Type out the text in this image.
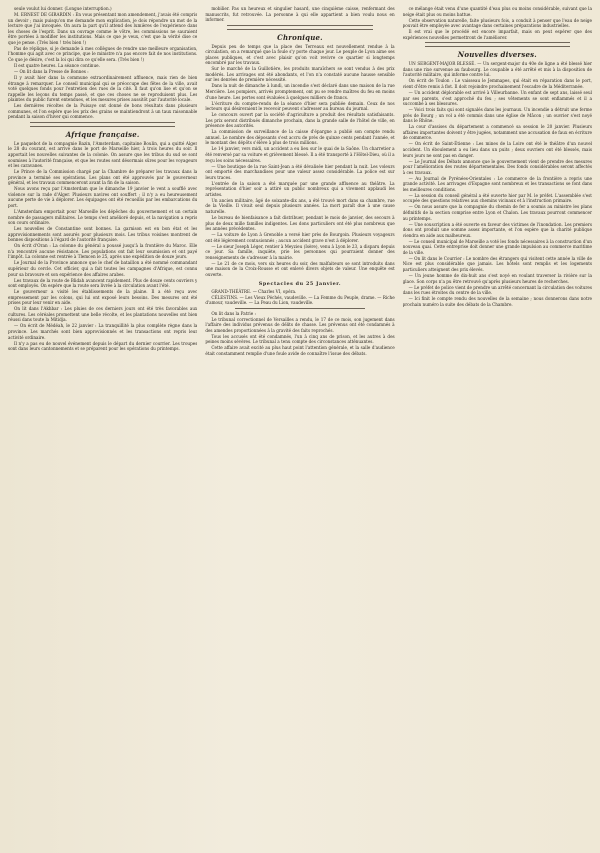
seule voulut lui donner. (Longue interruption.)

M. ERNEST DE GIRARDIN : En vous présentant mon amendement, j'avais été compris un devoir ; mais puisqu'on me demande mon explication, je dois répondre un mot de la lecture que j'ai invoquée. On aura la part qu'il attend des lumières de l'expérience dans les choses de l'esprit. Dans un ouvrage comme le vôtre, les commissions ne sauraient être portées à modifier les institutions. Mais ce que je veux, c'est que la vérité dise ce que je pense. (Très bien ! très bien !)

Pas de réplique, si je demande à mes collègues de rendre une meilleure organisation, l'homme qui agit avec ce principe, que le ministre n'a pas encore fait de nos institutions. Ce que je désire, c'est la loi qui dira ce qu'elle sera. (Très bien !)

Il est quatre heures. La séance continue.

— On lit dans la Presse de Bonnes :

Il y avait hier dans la commune extraordinairement affluence, mais rien de bien étrange à remarquer. Le conseil municipal qui se préoccupe des fêtes de la ville, avait voté quelques fonds pour l'entretien des rues de la cité. Il faut qu'on lise et qu'on se rappelle les leçons du temps passé, et que ces choses ne se reproduisent plus. Les plaintes du public furent entendues, et les mesures prises aussitôt par l'autorité locale.

Les dernières récoltes de la Puisaye ont donné de bons résultats dans plusieurs communes, et l'on espère que les prix des grains se maintiendront à un taux raisonnable pendant la saison d'hiver qui commence.

Afrique française.

Le paquebot de la compagnie Bazin, l'Amsterdam, capitaine Boulin, qui a quitté Alger le 28 du courant, est arrivé dans le port de Marseille hier, à trois heures du soir. Il apportait les nouvelles suivantes de la colonie. On assure que les tribus du sud se sont soumises à l'autorité française, et que les routes sont désormais sûres pour les voyageurs et les caravanes.

Le Prince de la Commission chargé par la Chambre de préparer les travaux dans la province a terminé ses opérations. Les plans ont été approuvés par le gouverneur général, et les travaux commenceront avant la fin de la saison.

Nous avons reçu par l'Amsterdam que le dimanche 19 janvier le vent a soufflé avec violence sur la rade d'Alger. Plusieurs navires ont souffert ; il n'y a eu heureusement aucune perte de vie à déplorer. Les équipages ont été recueillis par les embarcations du port.

L'Amsterdam emportait pour Marseille les dépêches du gouvernement et un certain nombre de passagers militaires. Le temps s'est amélioré depuis, et la navigation a repris son cours ordinaire.

Les nouvelles de Constantine sont bonnes. La garnison est en bon état et les approvisionnements sont assurés pour plusieurs mois. Les tribus voisines montrent de bonnes dispositions à l'égard de l'autorité française.

On écrit d'Oran : La colonne du général a poussé jusqu'à la frontière du Maroc. Elle n'a rencontré aucune résistance. Les populations ont fait leur soumission et ont payé l'impôt. La colonne est rentrée à Tlemcen le 25, après une expédition de douze jours.

Le Journal de la Province annonce que le chef de bataillon a été nommé commandant supérieur du cercle. Cet officier, qui a fait toutes les campagnes d'Afrique, est connu pour sa bravoure et son expérience des affaires arabes.

Les travaux de la route de Blidah avancent rapidement. Plus de douze cents ouvriers y sont employés. On espère que la route sera livrée à la circulation avant l'été.

Le gouverneur a visité les établissements de la plaine. Il a été reçu avec empressement par les colons, qui lui ont exposé leurs besoins. Des mesures ont été prises pour leur venir en aide.

On lit dans l'Akhbar : Les pluies de ces derniers jours ont été très favorables aux cultures. Les céréales promettent une belle récolte, et les plantations nouvelles ont bien réussi dans toute la Mitidja.

— On écrit de Médéah, le 22 janvier : La tranquillité la plus complète règne dans la province. Les marchés sont bien approvisionnés et les transactions ont repris leur activité ordinaire.

Il n'y a pas eu de nouvel événement depuis le départ du dernier courrier. Les troupes sont dans leurs cantonnements et se préparent pour les opérations du printemps.

mobilier. Pas un heureux et singulier hasard, une cinquième caisse, renfermant des manuscrits, fut retrouvée. La personne à qui elle appartient a bien voulu nous en informer.

Chronique.

Depuis peu de temps que la place des Terreaux est nouvellement rendue à la circulation, on a remarqué que la foule s'y porte chaque jour. Le peuple de Lyon aime ses places publiques, et c'est avec plaisir qu'on voit revivre ce quartier si longtemps encombré par les travaux.

Sur le marché de la Guillotière, les produits maraîchers se sont vendus à des prix modérés. Les arrivages ont été abondants, et l'on n'a constaté aucune hausse sensible sur les denrées de première nécessité.

Dans la nuit de dimanche à lundi, un incendie s'est déclaré dans une maison de la rue Mercière. Les pompiers, arrivés promptement, ont pu se rendre maîtres du feu en moins d'une heure. Les pertes sont évaluées à quelques milliers de francs.

L'écriture du compte-rendu de la séance d'hier sera publiée demain. Ceux de nos lecteurs qui désireraient le recevoir peuvent s'adresser au bureau du journal.

Le concours ouvert par la société d'agriculture a produit des résultats satisfaisants. Les prix seront distribués dimanche prochain, dans la grande salle de l'hôtel de ville, en présence des autorités.

La commission de surveillance de la caisse d'épargne a publié son compte rendu annuel. Le nombre des déposants s'est accru de près de quinze cents pendant l'année, et le montant des dépôts s'élève à plus de trois millions.

Le 14 janvier, vers midi, un accident a eu lieu sur le quai de la Saône. Un charretier a été renversé par sa voiture et grièvement blessé. Il a été transporté à l'Hôtel-Dieu, où il a reçu les soins nécessaires.

— Une boutique de la rue Saint-Jean a été dévalisée hier pendant la nuit. Les voleurs ont emporté des marchandises pour une valeur assez considérable. La police est sur leurs traces.

L'entrée de la saison a été marquée par une grande affluence au théâtre. La représentation d'hier soir a attiré un public nombreux qui a vivement applaudi les artistes.

Un ancien militaire, âgé de soixante-dix ans, a été trouvé mort dans sa chambre, rue de la Vieille. Il vivait seul depuis plusieurs années. La mort paraît due à une cause naturelle.

Le bureau de bienfaisance a fait distribuer, pendant le mois de janvier, des secours à plus de deux mille familles indigentes. Les dons particuliers ont été plus nombreux que les années précédentes.

— La voiture de Lyon à Grenoble a versé hier près de Bourgoin. Plusieurs voyageurs ont été légèrement contusionnés ; aucun accident grave n'est à déplorer.

— Le sieur Joseph Léger, rentier à Meyzieu (Isère), venu à Lyon le 23, a disparu depuis ce jour. Sa famille, inquiète, prie les personnes qui pourraient donner des renseignements de s'adresser à la mairie.

— Le 21 de ce mois, vers six heures du soir, des malfaiteurs se sont introduits dans une maison de la Croix-Rousse et ont enlevé divers objets de valeur. Une enquête est ouverte.

Spectacles du 25 Janvier.

GRAND-THÉÂTRE. — Charles VI, opéra.

CÉLESTINS. — Les Vieux Péchés, vaudeville. — La Femme du Peuple, drame. — Riche d'amour, vaudeville. — La Peau du Lion, vaudeville.

On lit dans la Patrie :

Le tribunal correctionnel de Versailles a rendu, le 17 de ce mois, son jugement dans l'affaire des individus prévenus de délits de chasse. Les prévenus ont été condamnés à des amendes proportionnées à la gravité des faits reprochés.

Tous les accusés ont été condamnés, l'un à cinq ans de prison, et les autres à des peines moins sévères. Le tribunal a tenu compte des circonstances atténuantes.

Cette affaire avait excité au plus haut point l'attention générale, et la salle d'audience était constamment remplie d'une foule avide de connaître l'issue des débats.

ce mélange était venu d'une quantité d'eau plus ou moins considérable, suivant que la neige était plus ou moins battue.

Cette observation naturelle, faite plusieurs fois, a conduit à penser que l'eau de neige pouvait être employée avec avantage dans certaines préparations industrielles.

Il est vrai que le procédé est encore imparfait, mais on peut espérer que des expériences nouvelles permettront de l'améliorer.

Nouvelles diverses.

UN SERGENT-MAJOR BLESSÉ. — Un sergent-major du 40e de ligne a été blessé hier dans une rixe survenue au faubourg. Le coupable a été arrêté et mis à la disposition de l'autorité militaire, qui informe contre lui.

On écrit de Toulon : Le vaisseau le Jemmapes, qui était en réparation dans le port, vient d'être remis à flot. Il doit rejoindre prochainement l'escadre de la Méditerranée.

— Un accident déplorable est arrivé à Villeurbanne. Un enfant de sept ans, laissé seul par ses parents, s'est approché du feu ; ses vêtements se sont enflammés et il a succombé à ses blessures.

— Voici trois faits qui sont signalés dans les journaux. Un incendie a détruit une ferme près de Bourg ; un vol a été commis dans une église de Mâcon ; un ouvrier s'est noyé dans le Rhône.

La cour d'assises du département a commencé sa session le 20 janvier. Plusieurs affaires importantes doivent y être jugées, notamment une accusation de faux en écriture de commerce.

— On écrit de Saint-Étienne : Les mines de la Loire ont été le théâtre d'un nouvel accident. Un éboulement a eu lieu dans un puits ; deux ouvriers ont été blessés, mais leurs jours ne sont pas en danger.

— Le Journal des Débats annonce que le gouvernement vient de prendre des mesures pour l'amélioration des routes départementales. Des fonds considérables seront affectés à ces travaux.

— Au Journal de Pyrénées-Orientales : Le commerce de la frontière a repris une grande activité. Les arrivages d'Espagne sont nombreux et les transactions se font dans les meilleures conditions.

— La session du conseil général a été ouverte hier par M. le préfet. L'assemblée s'est occupée des questions relatives aux chemins vicinaux et à l'instruction primaire.

— On nous assure que la compagnie du chemin de fer a soumis au ministre les plans définitifs de la section comprise entre Lyon et Chalon. Les travaux pourront commencer au printemps.

— Une souscription a été ouverte en faveur des victimes de l'inondation. Les premiers dons ont produit une somme assez importante, et l'on espère que la charité publique viendra en aide aux malheureux.

— Le conseil municipal de Marseille a voté les fonds nécessaires à la construction d'un nouveau quai. Cette entreprise doit donner une grande impulsion au commerce maritime de la ville.

— On lit dans le Courrier : Le nombre des étrangers qui visitent cette année la ville de Nice est plus considérable que jamais. Les hôtels sont remplis et les logements particuliers atteignent des prix élevés.

— Un jeune homme de dix-huit ans s'est noyé en voulant traverser la rivière sur la glace. Son corps n'a pu être retrouvé qu'après plusieurs heures de recherches.

— Le préfet de police vient de prendre un arrêté concernant la circulation des voitures dans les rues étroites du centre de la ville.

— Ici finit le compte rendu des nouvelles de la semaine ; nous donnerons dans notre prochain numéro la suite des débats de la Chambre.
